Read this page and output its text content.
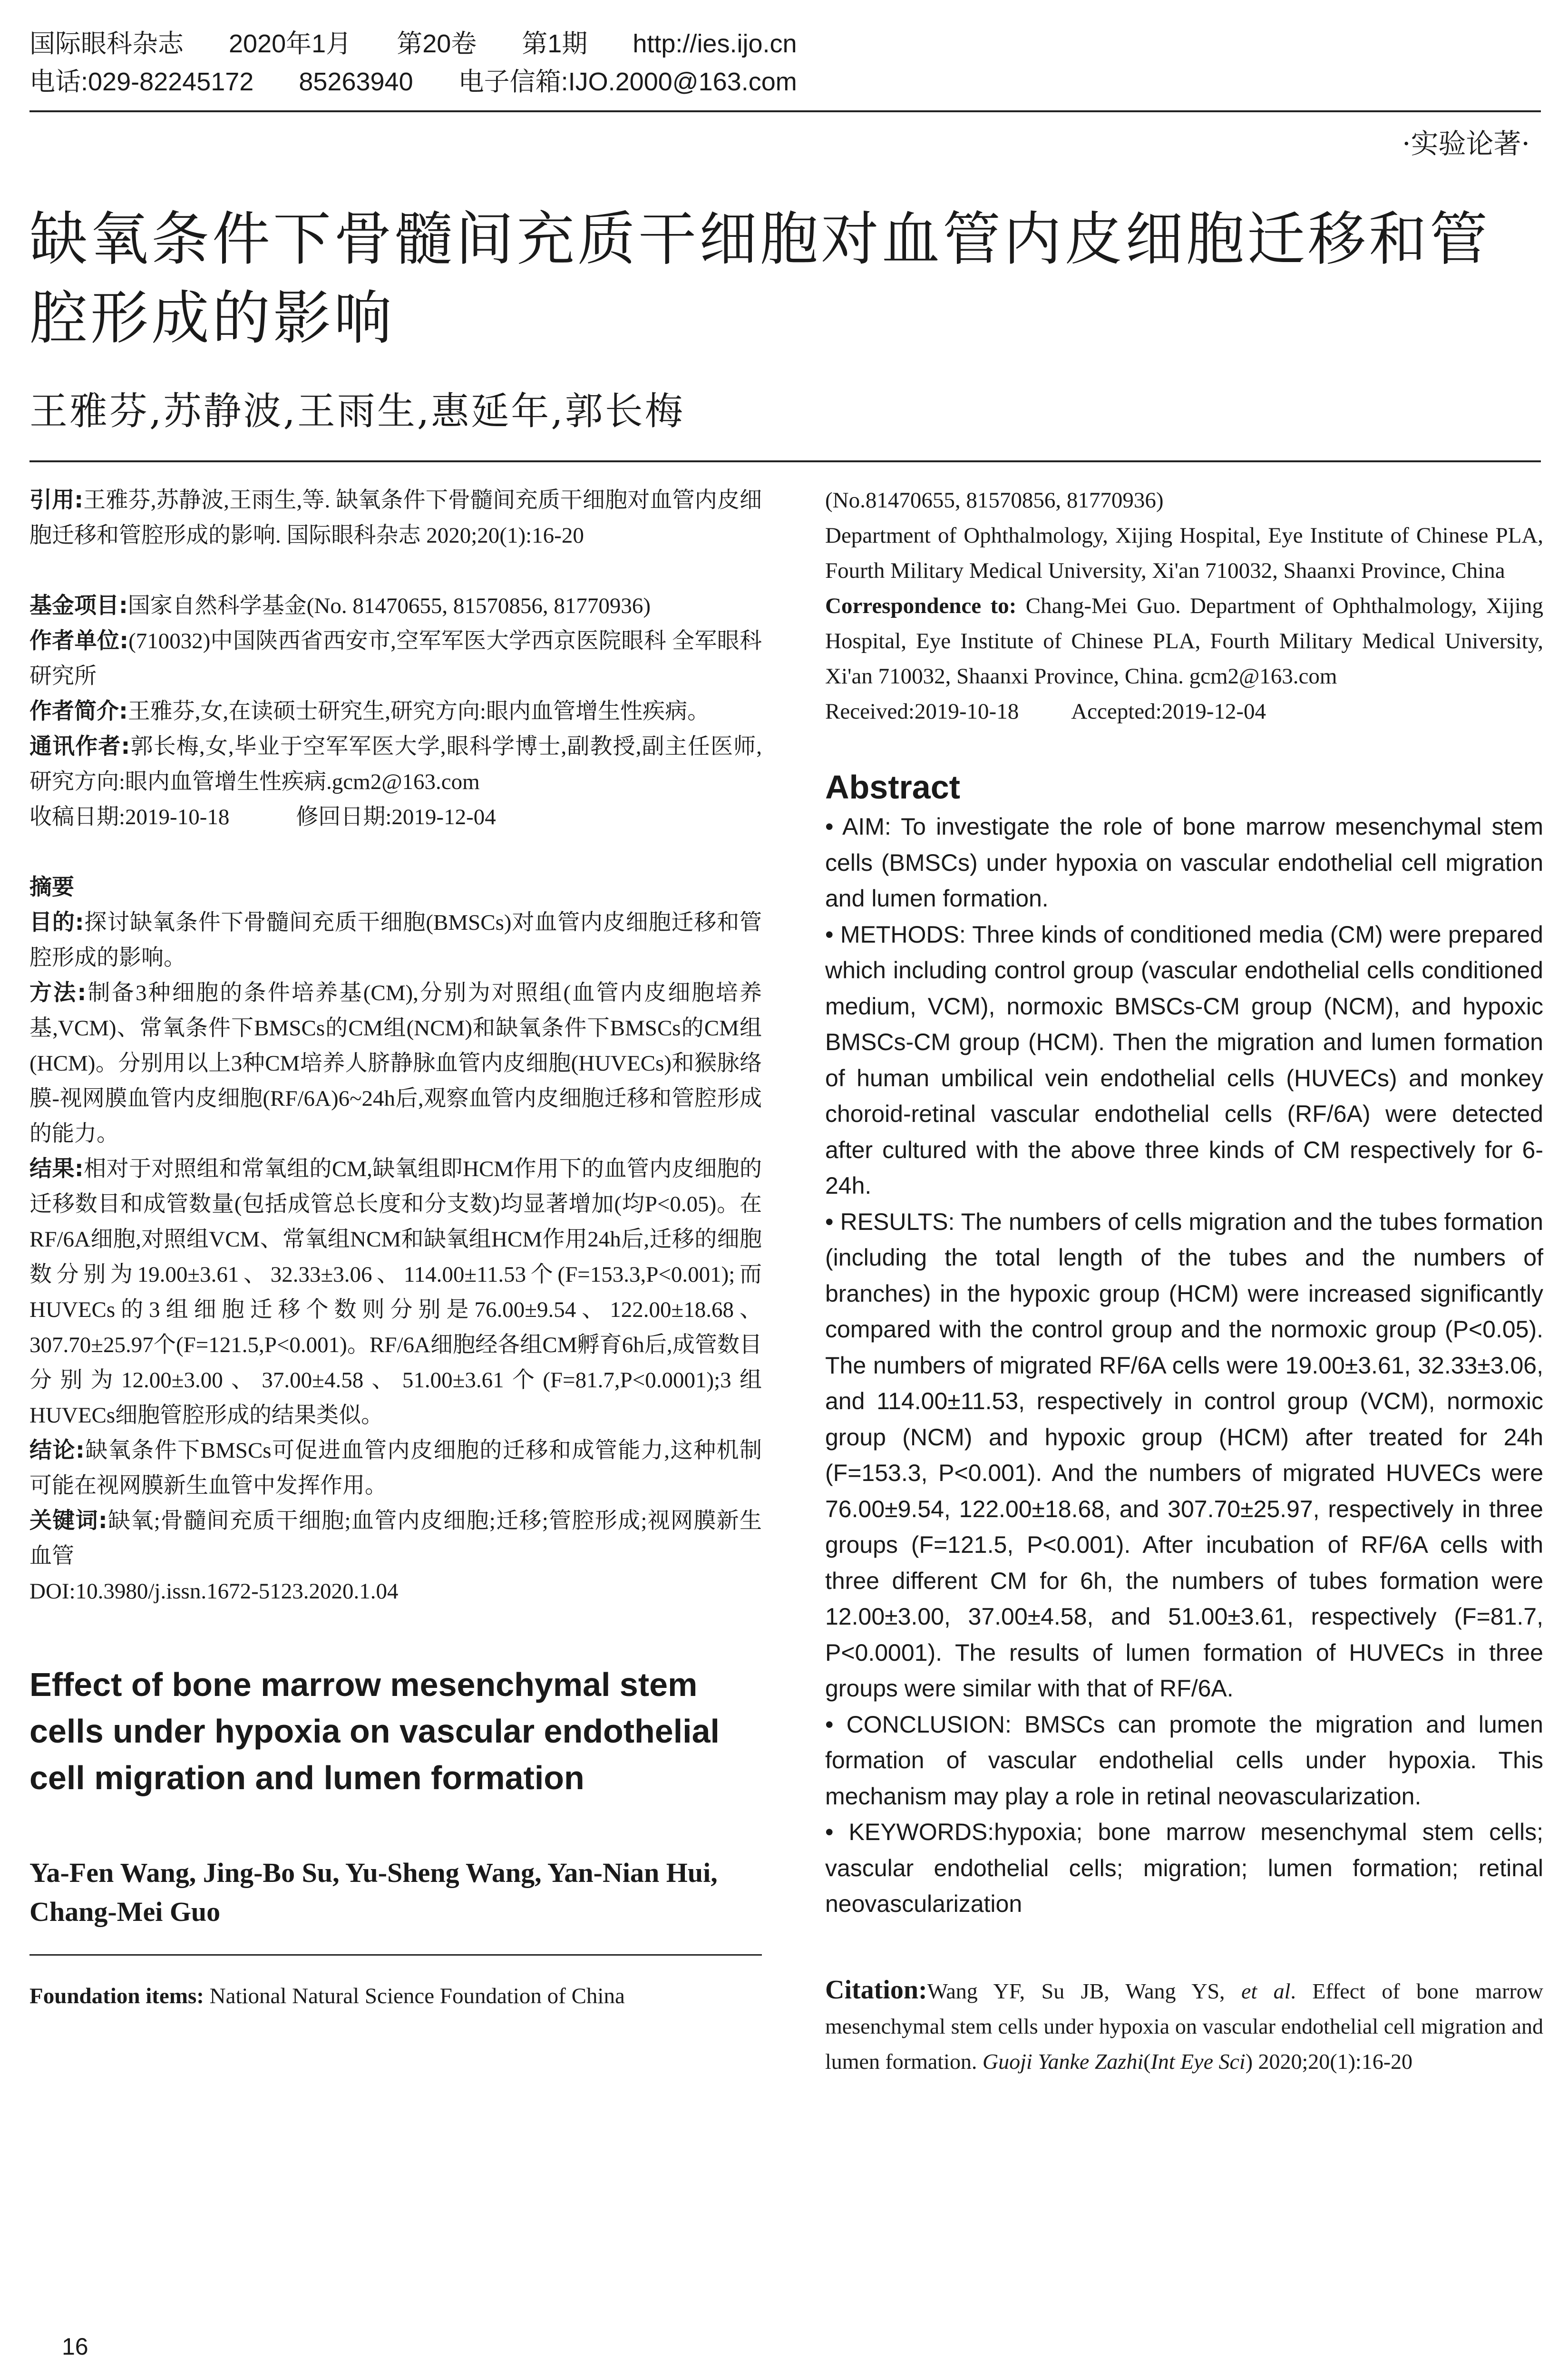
国际眼科杂志 2020年1月 第20卷 第1期 http://ies.ijo.cn
电话:029-82245172 85263940 电子信箱:IJO.2000@163.com
·实验论著·
缺氧条件下骨髓间充质干细胞对血管内皮细胞迁移和管
腔形成的影响
王雅芬,苏静波,王雨生,惠延年,郭长梅

引用:王雅芬,苏静波,王雨生,等. 缺氧条件下骨髓间充质干细胞对血管内皮细胞迁移和管腔形成的影响. 国际眼科杂志 2020;20(1):16-20

基金项目:国家自然科学基金(No. 81470655, 81570856, 81770936)

作者单位:(710032)中国陕西省西安市,空军军医大学西京医院眼科 全军眼科研究所

作者简介:王雅芬,女,在读硕士研究生,研究方向:眼内血管增生性疾病。

通讯作者:郭长梅,女,毕业于空军军医大学,眼科学博士,副教授,副主任医师,研究方向:眼内血管增生性疾病.gcm2@163.com

收稿日期:2019-10-18	修回日期:2019-12-04

摘要

目的:探讨缺氧条件下骨髓间充质干细胞(BMSCs)对血管内皮细胞迁移和管腔形成的影响。

方法:制备3种细胞的条件培养基(CM),分别为对照组(血管内皮细胞培养基,VCM)、常氧条件下BMSCs的CM组(NCM)和缺氧条件下BMSCs的CM组(HCM)。分别用以上3种CM培养人脐静脉血管内皮细胞(HUVECs)和猴脉络膜-视网膜血管内皮细胞(RF/6A)6~24h后,观察血管内皮细胞迁移和管腔形成的能力。

结果:相对于对照组和常氧组的CM,缺氧组即HCM作用下的血管内皮细胞的迁移数目和成管数量(包括成管总长度和分支数)均显著增加(均P<0.05)。在RF/6A细胞,对照组VCM、常氧组NCM和缺氧组HCM作用24h后,迁移的细胞数分别为19.00±3.61、32.33±3.06、114.00±11.53个(F=153.3,P<0.001);而HUVECs的3组细胞迁移个数则分别是76.00±9.54、122.00±18.68、307.70±25.97个(F=121.5,P<0.001)。RF/6A细胞经各组CM孵育6h后,成管数目分别为12.00±3.00、37.00±4.58、51.00±3.61个(F=81.7,P<0.0001);3组HUVECs细胞管腔形成的结果类似。

结论:缺氧条件下BMSCs可促进血管内皮细胞的迁移和成管能力,这种机制可能在视网膜新生血管中发挥作用。

关键词:缺氧;骨髓间充质干细胞;血管内皮细胞;迁移;管腔形成;视网膜新生血管

DOI:10.3980/j.issn.1672-5123.2020.1.04

Effect of bone marrow mesenchymal stem cells under hypoxia on vascular endothelial cell migration and lumen formation

Ya-Fen Wang, Jing-Bo Su, Yu-Sheng Wang, Yan-Nian Hui, Chang-Mei Guo

Foundation items: National Natural Science Foundation of China

(No.81470655, 81570856, 81770936)

Department of Ophthalmology, Xijing Hospital, Eye Institute of Chinese PLA, Fourth Military Medical University, Xi'an 710032, Shaanxi Province, China

Correspondence to: Chang-Mei Guo. Department of Ophthalmology, Xijing Hospital, Eye Institute of Chinese PLA, Fourth Military Medical University, Xi'an 710032, Shaanxi Province, China. gcm2@163.com

Received:2019-10-18 Accepted:2019-12-04

Abstract

• AIM: To investigate the role of bone marrow mesenchymal stem cells (BMSCs) under hypoxia on vascular endothelial cell migration and lumen formation.

• METHODS: Three kinds of conditioned media (CM) were prepared which including control group (vascular endothelial cells conditioned medium, VCM), normoxic BMSCs-CM group (NCM), and hypoxic BMSCs-CM group (HCM). Then the migration and lumen formation of human umbilical vein endothelial cells (HUVECs) and monkey choroid-retinal vascular endothelial cells (RF/6A) were detected after cultured with the above three kinds of CM respectively for 6-24h.

• RESULTS: The numbers of cells migration and the tubes formation (including the total length of the tubes and the numbers of branches) in the hypoxic group (HCM) were increased significantly compared with the control group and the normoxic group (P<0.05). The numbers of migrated RF/6A cells were 19.00±3.61, 32.33±3.06, and 114.00±11.53, respectively in control group (VCM), normoxic group (NCM) and hypoxic group (HCM) after treated for 24h (F=153.3, P<0.001). And the numbers of migrated HUVECs were 76.00±9.54, 122.00±18.68, and 307.70±25.97, respectively in three groups (F=121.5, P<0.001). After incubation of RF/6A cells with three different CM for 6h, the numbers of tubes formation were 12.00±3.00, 37.00±4.58, and 51.00±3.61, respectively (F=81.7, P<0.0001). The results of lumen formation of HUVECs in three groups were similar with that of RF/6A.

• CONCLUSION: BMSCs can promote the migration and lumen formation of vascular endothelial cells under hypoxia. This mechanism may play a role in retinal neovascularization.

• KEYWORDS:hypoxia; bone marrow mesenchymal stem cells; vascular endothelial cells; migration; lumen formation; retinal neovascularization

Citation:Wang YF, Su JB, Wang YS, et al. Effect of bone marrow mesenchymal stem cells under hypoxia on vascular endothelial cell migration and lumen formation. Guoji Yanke Zazhi(Int Eye Sci) 2020;20(1):16-20

16
